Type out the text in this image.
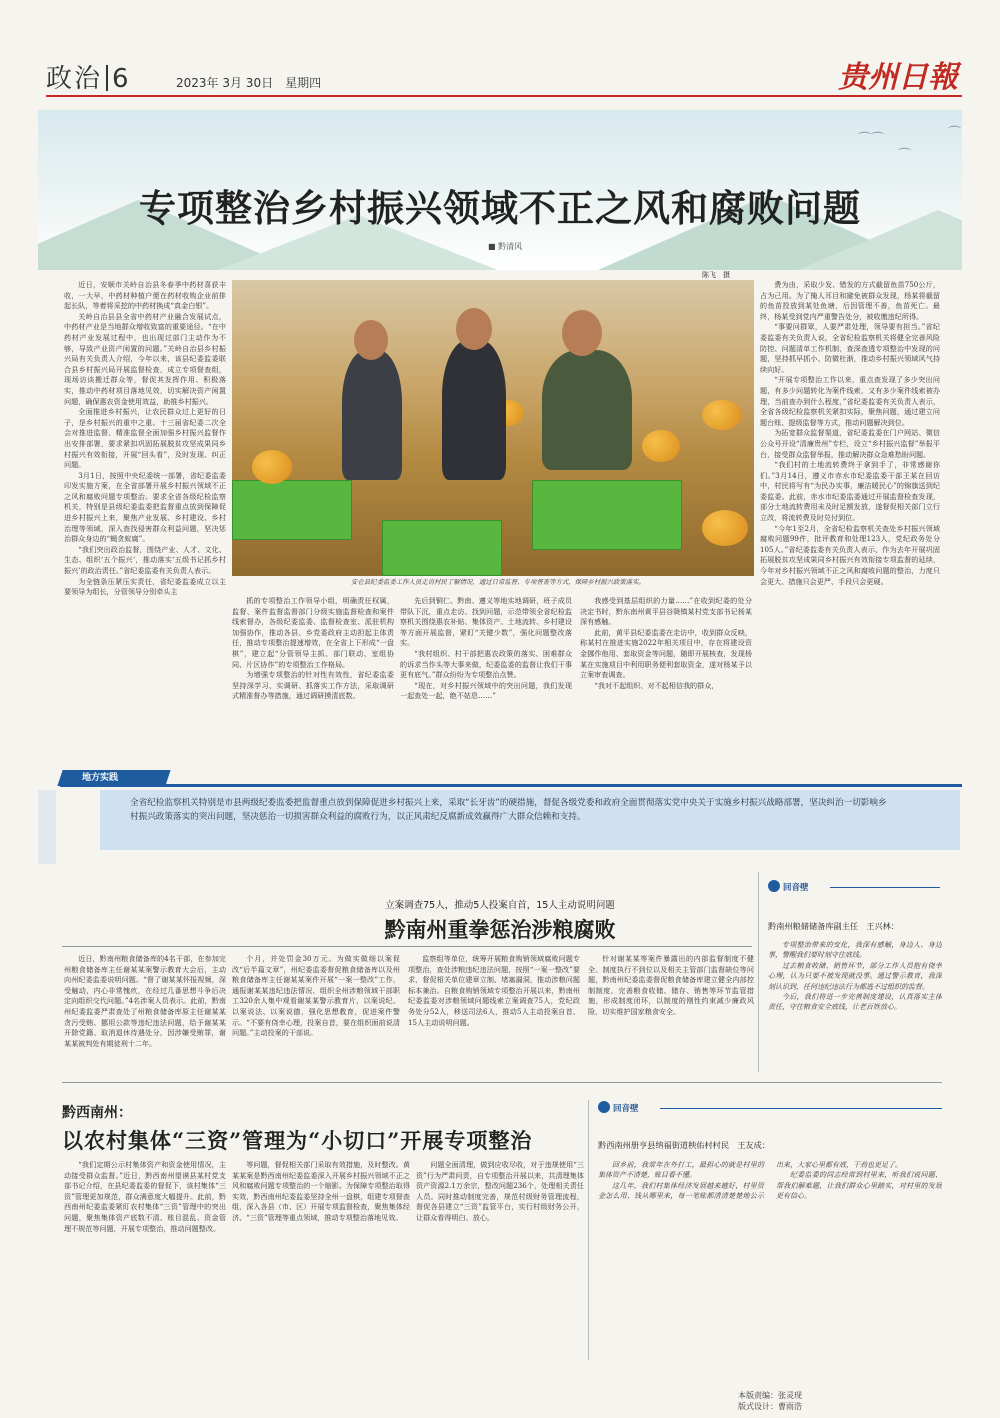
政治 6	2023年 3月 30日　星期四	贵州日報
⌒⌒
⌒
⌒
专项整治乡村振兴领域不正之风和腐败问题
■ 黔清风

近日，安顺市关岭自治县冬春季中药材喜获丰收，一大早，中药材种植户便在药材收购企业前排起长队，等着将采挖的中药材换成“真金白银”。

关岭自治县县全省中药材产业融合发展试点，中药材产业是当地群众增收致富的重要途径。“在中药材产业发展过程中，也出现过部门主动作为不够，导致产业资产闲置的问题。”关岭自治县乡村振兴局有关负责人介绍，今年以来，该县纪委监委联合县乡村振兴局开展监督检查，成立专项督查组，现场访谈搬迁群众等，督促其发挥作用、积极落实，推动中药材项目落地见效，切实解决资产闲置问题，确保惠农资金使用效益，助推乡村振兴。

全面推进乡村振兴，让农民群众过上更好的日子，是乡村振兴的重中之重。十三届省纪委二次全会对推进监督、精准监督全面加强乡村振兴监督作出安排部署，要求紧扣巩固拓展脱贫攻坚成果同乡村振兴有效衔接，开展“回头看”，及时发现、纠正问题。

3月1日，按照中央纪委统一部署，省纪委监委印发实施方案，在全省部署开展乡村振兴领域不正之风和腐败问题专项整治。要求全省各级纪检监察机关，特别是县级纪委监委把监督重点放到保障促进乡村振兴上来，聚焦产业发展、乡村建设、乡村治理等领域，深入查找侵害群众利益问题，坚决惩治群众身边的“蝇贪蚁腐”。

“我们突出政治监督，围绕产业、人才、文化、生态、组织‘五个振兴’，推动落实‘五级书记抓乡村振兴’的政治责任。”省纪委监委有关负责人表示。

为全链条压紧压实责任，省纪委监委成立以主要领导为组长，分管领导分别牵头主

安仑县纪委监委工作人员走访村民了解情况，通过日常监督、专项督查等方式，保障乡村振兴政策落实。

费为由，采取少发、错发的方式截留鱼苗750公斤，占为己用。为了掩人耳目和避免被群众发现，杨某将截留的鱼苗投放到某处鱼塘，后因管理不善，鱼苗死亡。最终，杨某受到党内严重警告处分，被收缴违纪所得。

“事要问群眾，人要严肃处理，领导要有担当。”省纪委监委有关负责人说，全省纪检监察机关将健全完善风险防控、问题清单工作机制，查深查透专项整治中发现的问题，坚持抓早抓小、防微杜渐，推动乡村振兴领域风气持续向好。

“开展专项整治工作以来，重点查发现了多少突出问题，有多少问题转化为案件线索，又有多少案件线索被办理，当前查办到什么程度，”省纪委监委有关负责人表示，全省各级纪检监察机关紧扣实际，聚焦问题，通过建立问题台账、提级监督等方式，推动问题解决到位。

为拓宽群众监督渠道，省纪委监委在门户网站、微信公众号开设“清廉贵州”专栏，设立“乡村振兴监督”举报平台，接受群众监督举报，推动解决群众急难愁盼问题。

“我们村的土地流转费终于拿到手了，非常感谢你们。”3月14日，遵义市赤水市纪委监委干部王某在回访中，村民将写有“为民办实事，廉洁暖民心”的锦旗送到纪委监委。此前，赤水市纪委监委通过开展监督检查发现，部分土地流转费用未及时足额发放，遂督促相关部门立行立改，将流转费及时兑付到位。

“今年1至2月，全省纪检监察机关查处乡村振兴领域腐败问题99件，批评教育和处理123人，党纪政务处分105人。”省纪委监委有关负责人表示，作为去年开展巩固拓展脱贫攻坚成果同乡村振兴有效衔接专项监督的延续，今年对乡村振兴领域不正之风和腐败问题的整治，力度只会更大、措施只会更严、手段只会更硬。

陈飞　摄

抓的专项整治工作领导小组，明确责任权属，监督、案件监督监督部门分级实施监督检查和案件线索督办，各级纪委监委、监督检查室、派驻机构加强协作，推动各县、乡党委政府主动担起主体责任，推动专项整治提速增效，在全省上下形成“一盘棋”，建立起“分管领导主抓、部门联动、室组协同、片区协作”的专项整治工作格局。

为增强专项整治的针对性有效性，省纪委监委坚持深学习、实调研、抓落实工作方法，采取调研式精准督办等措施，通过调研摸清底数。

先后到铜仁、黔南、遵义等地实地调研，班子成员带队下沉，重点走访、找到问题，示范带领全省纪检监察机关围绕惠农补贴、集体资产、土地流转、乡村建设等方面开展监督，紧盯“关键少数”，强化问题整改落实。

“我村组织、村干部把惠农政策的落实、困难群众的诉求当作头等大事来做，纪委监委的监督让我们干事更有底气。”群众纷纷为专项整治点赞。

“现在，对乡村振兴领域中的突出问题，我们发现一起查处一起，绝不姑息……”

我感受到基层组织的力量……”在收到纪委的处分决定书时，黔东南州黄平县谷陇镇某村党支部书记杨某深有感触。

此前，黄平县纪委监委在走访中，收到群众反映，称某村在推进实施2022年相关项目中，存在将建设资金挪作他用、套取资金等问题，随即开展核查，发现杨某在实施项目中利用职务便利套取资金，遂对杨某予以立案审查调查。

“我对不起组织、对不起相信我的群众，

地方实践
全省纪检监察机关特别是市县两级纪委监委把监督重点放到保障促进乡村振兴上来，采取“长牙齿”的硬措施，督促各级党委和政府全面贯彻落实党中央关于实施乡村振兴战略部署，坚决纠治一切影响乡村振兴政策落实的突出问题，坚决惩治一切损害群众利益的腐败行为，以正风肃纪反腐新成效赢得广大群众信赖和支持。
立案调查75人，推动5人投案自首，15人主动说明问题
黔南州重拳惩治涉粮腐败

近日，黔南州粮食储备库的4名干部，在参加完州粮食储备库主任谢某某案警示教育大会后，主动向州纪委监委说明问题。“督了谢某某怀报视频，深受触动，内心非常愧疚，在经过几番思想斗争后决定向组织交代问题。”4名涉案人员表示。此前，黔南州纪委监委严肃查处了州粮食储备库原主任谢某某贪污受贿、挪用公款等违纪违法问题，给予谢某某开除党籍、取消退休待遇处分，因涉嫌受贿罪，谢某某被判处有期徒刑十二年。

个月，并处罚金30万元。为做实做细以案促改“后半篇文章”，州纪委监委督促粮食储备库以及州粮食储备库主任谢某某案件开展“一案一整改”工作，通报谢某某违纪违法情况、组织全州涉粮领域干部职工320余人集中观看谢某某警示教育片，以案说纪、以案说法、以案说德，强化思想教育，促进案件警示。“不要有侥幸心理，投案自首，要在组织面前说清问题。”主动投案的干部说。

监察组等单位，统筹开展粮食购销领域腐败问题专项整治，查处涉粮违纪违法问题，按照“一案一整改”要求，督促相关单位建章立制、堵塞漏洞，推动涉粮问题标本兼治。自粮食购销领域专项整治开展以来，黔南州纪委监委对涉粮领域问题线索立案调查75人，党纪政务处分52人，移送司法6人，推动5人主动投案自首、15人主动说明问题。

针对谢某某等案件暴露出的内部监督制度不健全、制度执行不到位以及相关主管部门监督缺位等问题，黔南州纪委监委督促粮食储备库建立健全内部控制制度，完善粮食收储、储存、销售等环节监管措施，形成制度闭环，以制度的刚性约束减少廉政风险，切实维护国家粮食安全。

回音壁
黔南州粮储储备库副主任　王兴林：

专项整治带来的变化，我深有感触，身边人、身边事，警醒我们要时刻守住底线。

过去粮食收储、销售环节，部分工作人员抱有侥幸心理，认为只要不被发现就没事。通过警示教育，我深刻认识到，任何违纪违法行为都逃不过组织的监督。

今后，我们将进一步完善制度建设，认真落实主体责任，守住粮食安全底线，让老百姓放心。

黔西南州：
以农村集体“三资”管理为“小切口”开展专项整治

“我们定期公示村集体资产和资金使用情况，主动接受群众监督。”近日，黔西南州望谟县某村党支部书记介绍，在县纪委监委的督促下，该村集体“三资”管理更加规范，群众满意度大幅提升。此前，黔西南州纪委监委紧盯农村集体“三资”管理中的突出问题，聚焦集体资产底数不清、账目混乱、资金管理不规范等问题，开展专项整治，推动问题整改。

等问题，督促相关部门采取有效措施，及时整改。黄某某案是黔西南州纪委监委深入开展乡村振兴领域不正之风和腐败问题专项整治的一个缩影。为保障专项整治取得实效，黔西南州纪委监委坚持全州一盘棋，组建专项督查组，深入各县（市、区）开展专项监督检查，聚焦集体经济、“三资”管理等重点领域，推动专项整治落地见效。

问题全面清理，做到应收尽收，对于违规使用“三资”行为严肃问责，自专项整治开展以来，共清理集体资产资源2.1万余宗，整改问题236个，处理相关责任人员。同时推动制度完善，规范村级财务管理流程，督促各县建立“三资”监管平台，实行村级财务公开，让群众看得明白、放心。

回音壁
黔西南州册亨县纳福街道秧佑村村民　王友成：

回乡前，我常年在外打工，最担心的就是村里的集体资产不清楚，账目看不懂。

这几年，我们村集体经济发展越来越好，村里资金怎么用、钱从哪里来，每一笔账都清清楚楚地公示出来，大家心里都有底，干劲也更足了。

纪委监委的同志经常到村里来，听我们说问题、帮我们解难题，让我们群众心里踏实，对村里的发展更有信心。

本版责编：张灵现
版式设计：曹雨浩
